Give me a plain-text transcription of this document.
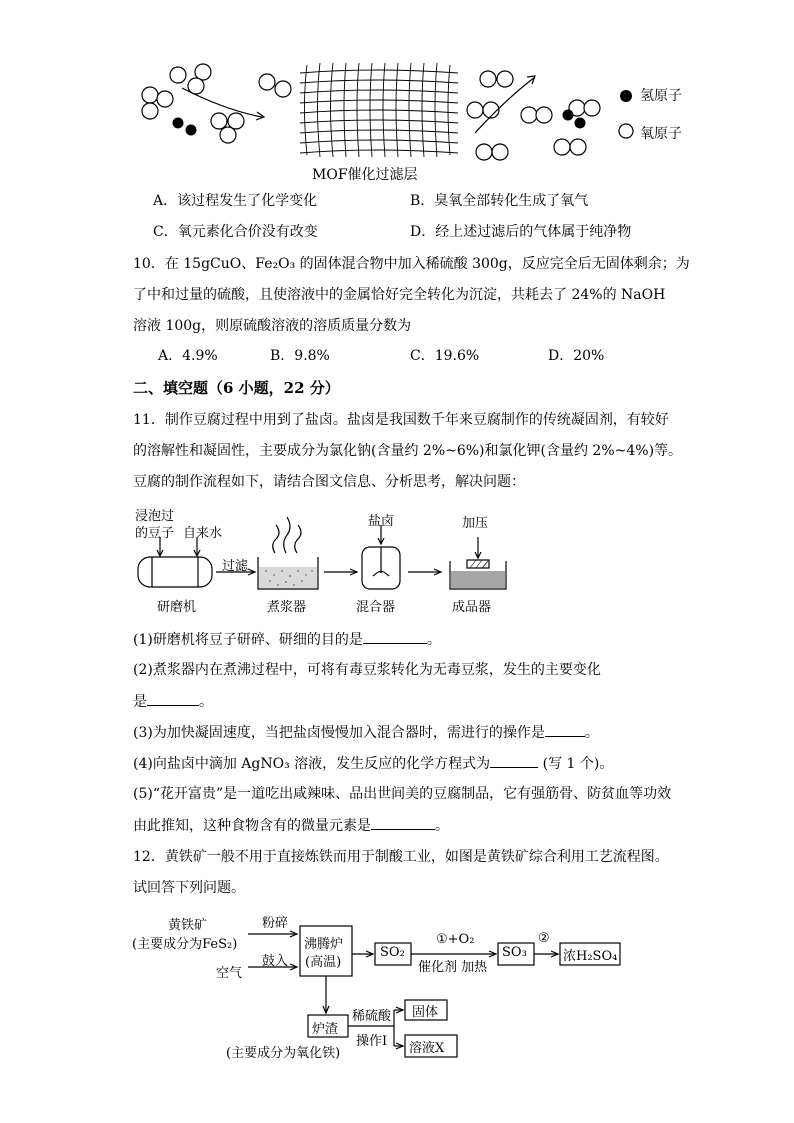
氢原子
氧原子
MOF催化过滤层
A．该过程发生了化学变化	B．臭氧全部转化生成了氧气
C．氧元素化合价没有改变	D．经上述过滤后的气体属于纯净物
10．在 15gCuO、Fe₂O₃ 的固体混合物中加入稀硫酸 300g，反应完全后无固体剩余；为
了中和过量的硫酸，且使溶液中的金属恰好完全转化为沉淀，共耗去了 24%的 NaOH
溶液 100g，则原硫酸溶液的溶质质量分数为
A．4.9%	B．9.8%	C．19.6%	D．20%
二、填空题（6 小题，22 分）
11．制作豆腐过程中用到了盐卤。盐卤是我国数千年来豆腐制作的传统凝固剂，有较好
的溶解性和凝固性，主要成分为氯化钠(含量约 2%~6%)和氯化钾(含量约 2%~4%)等。
豆腐的制作流程如下，请结合图文信息、分析思考，解决问题：
浸泡过
的豆子 自来水
过滤
盐卤	加压
研磨机	煮浆器	混合器	成品器
(1)研磨机将豆子研碎、研细的目的是	。
(2)煮浆器内在煮沸过程中，可将有毒豆浆转化为无毒豆浆，发生的主要变化
是	。
(3)为加快凝固速度，当把盐卤慢慢加入混合器时，需进行的操作是	。
(4)向盐卤中滴加 AgNO₃ 溶液，发生反应的化学方程式为	(写 1 个)。
(5)“花开富贵”是一道吃出咸辣味、品出世间美的豆腐制品，它有强筋骨、防贫血等功效
由此推知，这种食物含有的微量元素是	。
12．黄铁矿一般不用于直接炼铁而用于制酸工业，如图是黄铁矿综合利用工艺流程图。
试回答下列问题。
黄铁矿
(主要成分为FeS₂)
粉碎
空气
鼓入
沸腾炉
(高温)
SO₂
①+O₂
催化剂 加热
SO₃
②
浓H₂SO₄
炉渣
(主要成分为氧化铁)
稀硫酸
操作I
固体
溶液X
